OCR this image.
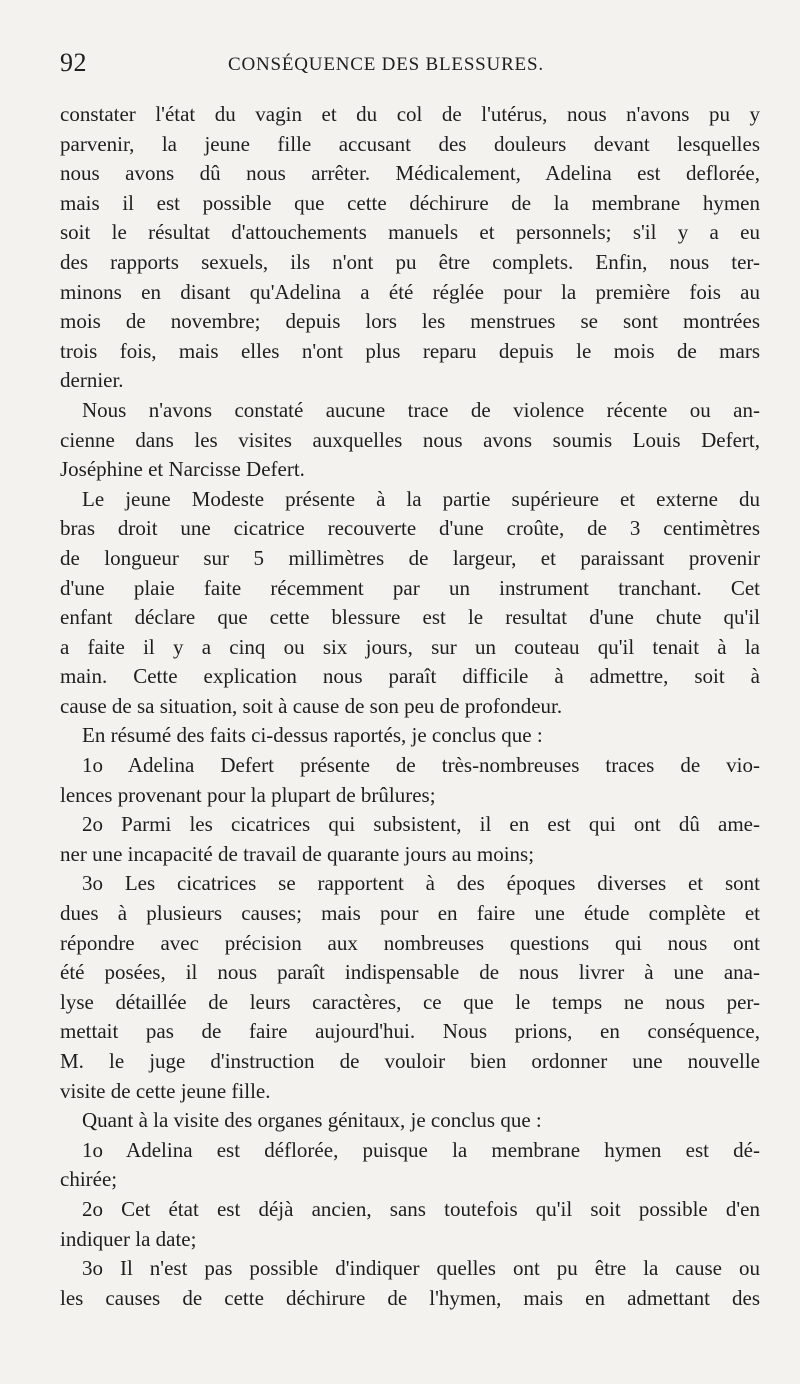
92	CONSÉQUENCE DES BLESSURES.
constater l'état du vagin et du col de l'utérus, nous n'avons pu y
parvenir, la jeune fille accusant des douleurs devant lesquelles
nous avons dû nous arrêter. Médicalement, Adelina est deflorée,
mais il est possible que cette déchirure de la membrane hymen
soit le résultat d'attouchements manuels et personnels; s'il y a eu
des rapports sexuels, ils n'ont pu être complets. Enfin, nous ter-
minons en disant qu'Adelina a été réglée pour la première fois au
mois de novembre; depuis lors les menstrues se sont montrées
trois fois, mais elles n'ont plus reparu depuis le mois de mars
dernier.
Nous n'avons constaté aucune trace de violence récente ou an-
cienne dans les visites auxquelles nous avons soumis Louis Defert,
Joséphine et Narcisse Defert.
Le jeune Modeste présente à la partie supérieure et externe du
bras droit une cicatrice recouverte d'une croûte, de 3 centimètres
de longueur sur 5 millimètres de largeur, et paraissant provenir
d'une plaie faite récemment par un instrument tranchant. Cet
enfant déclare que cette blessure est le resultat d'une chute qu'il
a faite il y a cinq ou six jours, sur un couteau qu'il tenait à la
main. Cette explication nous paraît difficile à admettre, soit à
cause de sa situation, soit à cause de son peu de profondeur.
En résumé des faits ci-dessus raportés, je conclus que :
1o Adelina Defert présente de très-nombreuses traces de vio-
lences provenant pour la plupart de brûlures;
2o Parmi les cicatrices qui subsistent, il en est qui ont dû ame-
ner une incapacité de travail de quarante jours au moins;
3o Les cicatrices se rapportent à des époques diverses et sont
dues à plusieurs causes; mais pour en faire une étude complète et
répondre avec précision aux nombreuses questions qui nous ont
été posées, il nous paraît indispensable de nous livrer à une ana-
lyse détaillée de leurs caractères, ce que le temps ne nous per-
mettait pas de faire aujourd'hui. Nous prions, en conséquence,
M. le juge d'instruction de vouloir bien ordonner une nouvelle
visite de cette jeune fille.
Quant à la visite des organes génitaux, je conclus que :
1o Adelina est déflorée, puisque la membrane hymen est dé-
chirée;
2o Cet état est déjà ancien, sans toutefois qu'il soit possible d'en
indiquer la date;
3o Il n'est pas possible d'indiquer quelles ont pu être la cause ou
les causes de cette déchirure de l'hymen, mais en admettant des
